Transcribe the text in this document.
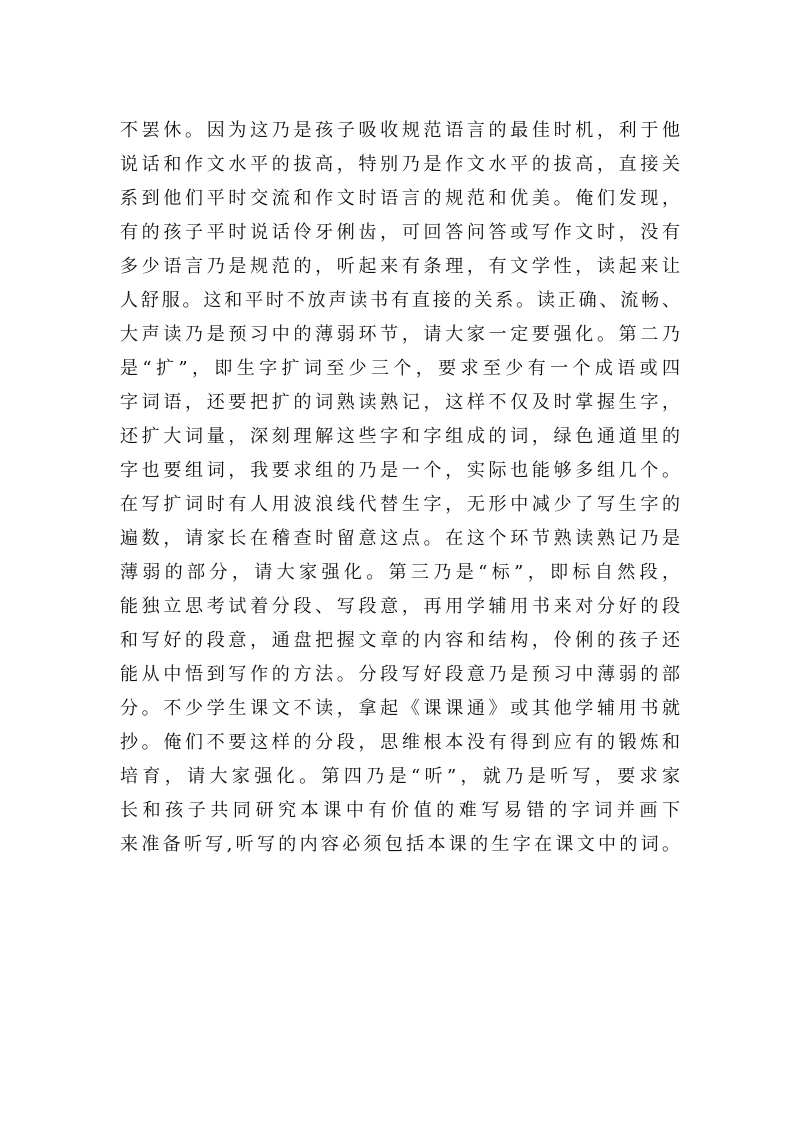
不罢休。因为这乃是孩子吸收规范语言的最佳时机，利于他
说话和作文水平的拔高，特别乃是作文水平的拔高，直接关
系到他们平时交流和作文时语言的规范和优美。俺们发现，
有的孩子平时说话伶牙俐齿，可回答问答或写作文时，没有
多少语言乃是规范的，听起来有条理，有文学性，读起来让
人舒服。这和平时不放声读书有直接的关系。读正确、流畅、
大声读乃是预习中的薄弱环节，请大家一定要强化。第二乃
是“扩”，即生字扩词至少三个，要求至少有一个成语或四
字词语，还要把扩的词熟读熟记，这样不仅及时掌握生字，
还扩大词量，深刻理解这些字和字组成的词，绿色通道里的
字也要组词，我要求组的乃是一个，实际也能够多组几个。
在写扩词时有人用波浪线代替生字，无形中减少了写生字的
遍数，请家长在稽查时留意这点。在这个环节熟读熟记乃是
薄弱的部分，请大家强化。第三乃是“标”，即标自然段，
能独立思考试着分段、写段意，再用学辅用书来对分好的段
和写好的段意，通盘把握文章的内容和结构，伶俐的孩子还
能从中悟到写作的方法。分段写好段意乃是预习中薄弱的部
分。不少学生课文不读，拿起《课课通》或其他学辅用书就
抄。俺们不要这样的分段，思维根本没有得到应有的锻炼和
培育，请大家强化。第四乃是“听”，就乃是听写，要求家
长和孩子共同研究本课中有价值的难写易错的字词并画下
来准备听写,听写的内容必须包括本课的生字在课文中的词。
